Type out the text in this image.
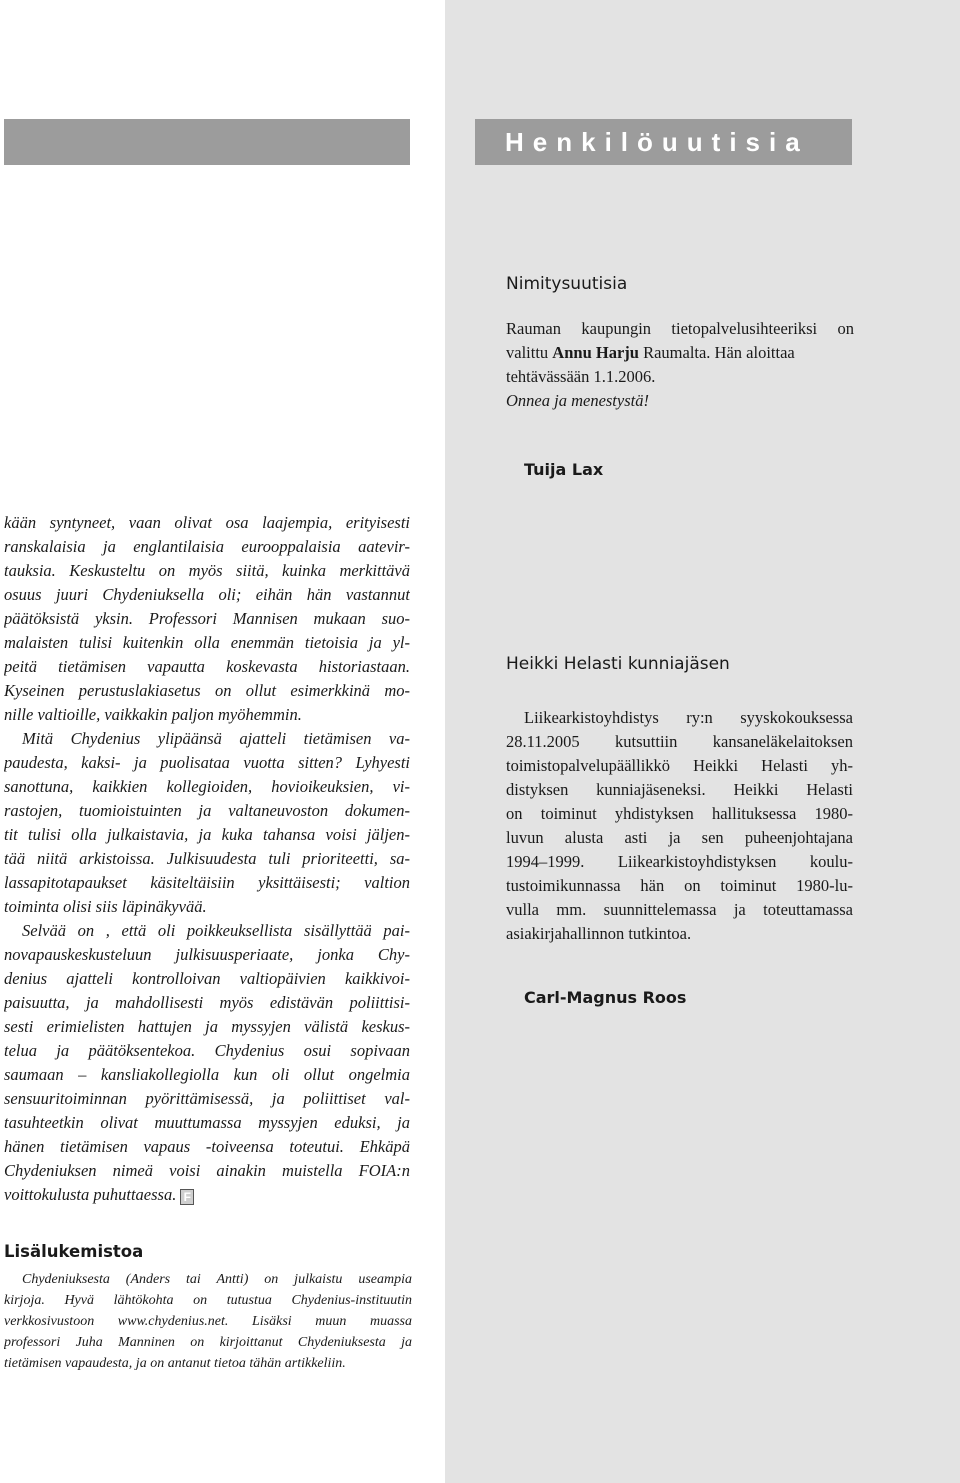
Henkilöuutisia
Nimitysuutisia
Rauman kaupungin tietopalvelusihteeriksi on
valittu Annu Harju Raumalta. Hän aloittaa
tehtävässään 1.1.2006.
Onnea ja menestystä!
Tuija Lax
Heikki Helasti kunniajäsen
Liikearkistoyhdistys ry:n syyskokouksessa
28.11.2005 kutsuttiin kansaneläkelaitoksen
toimistopalvelupäällikkö Heikki Helasti yh-
distyksen kunniajäseneksi. Heikki Helasti
on toiminut yhdistyksen hallituksessa 1980-
luvun alusta asti ja sen puheenjohtajana
1994–1999. Liikearkistoyhdistyksen koulu-
tustoimikunnassa hän on toiminut 1980-lu-
vulla mm. suunnittelemassa ja toteuttamassa
asiakirjahallinnon tutkintoa.
Carl-Magnus Roos
kään syntyneet, vaan olivat osa laajempia, erityisesti
ranskalaisia ja englantilaisia eurooppalaisia aatevir-
tauksia. Keskusteltu on myös siitä, kuinka merkittävä
osuus juuri Chydeniuksella oli; eihän hän vastannut
päätöksistä yksin. Professori Mannisen mukaan suo-
malaisten tulisi kuitenkin olla enemmän tietoisia ja yl-
peitä tietämisen vapautta koskevasta historiastaan.
Kyseinen perustuslakiasetus on ollut esimerkkinä mo-
nille valtioille, vaikkakin paljon myöhemmin.
Mitä Chydenius ylipäänsä ajatteli tietämisen va-
paudesta, kaksi- ja puolisataa vuotta sitten? Lyhyesti
sanottuna, kaikkien kollegioiden, hovioikeuksien, vi-
rastojen, tuomioistuinten ja valtaneuvoston dokumen-
tit tulisi olla julkaistavia, ja kuka tahansa voisi jäljen-
tää niitä arkistoissa. Julkisuudesta tuli prioriteetti, sa-
lassapitotapaukset käsiteltäisiin yksittäisesti; valtion
toiminta olisi siis läpinäkyvää.
Selvää on , että oli poikkeuksellista sisällyttää pai-
novapauskeskusteluun julkisuusperiaate, jonka Chy-
denius ajatteli kontrolloivan valtiopäivien kaikkivoi-
paisuutta, ja mahdollisesti myös edistävän poliittisi-
sesti erimielisten hattujen ja myssyjen välistä keskus-
telua ja päätöksentekoa. Chydenius osui sopivaan
saumaan – kansliakollegiolla kun oli ollut ongelmia
sensuuritoiminnan pyörittämisessä, ja poliittiset val-
tasuhteetkin olivat muuttumassa myssyjen eduksi, ja
hänen tietämisen vapaus -toiveensa toteutui. Ehkäpä
Chydeniuksen nimeä voisi ainakin muistella FOIA:n
voittokulusta puhuttaessa. F
Lisälukemistoa
Chydeniuksesta (Anders tai Antti) on julkaistu useampia
kirjoja. Hyvä lähtökohta on tutustua Chydenius-instituutin
verkkosivustoon www.chydenius.net. Lisäksi muun muassa
professori Juha Manninen on kirjoittanut Chydeniuksesta ja
tietämisen vapaudesta, ja on antanut tietoa tähän artikkeliin.
